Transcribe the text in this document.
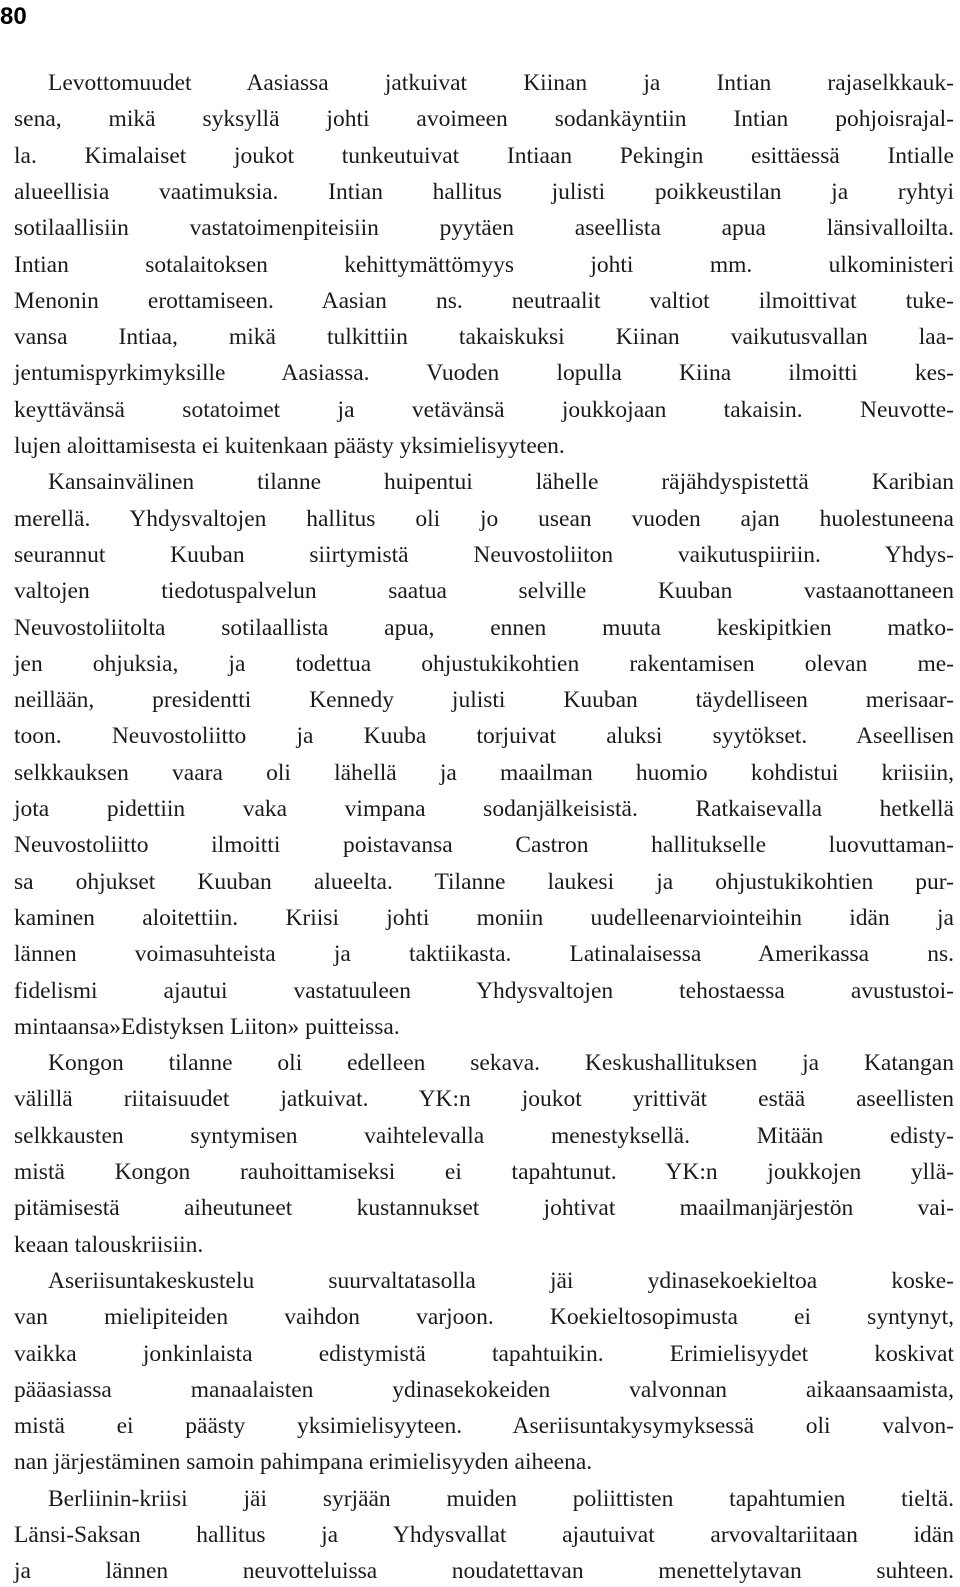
80
Levottomuudet Aasiassa jatkuivat Kiinan ja Intian rajaselkkauk-
sena, mikä syksyllä johti avoimeen sodankäyntiin Intian pohjoisrajal-
la. Kimalaiset joukot tunkeutuivat Intiaan Pekingin esittäessä Intialle
alueellisia vaatimuksia. Intian hallitus julisti poikkeustilan ja ryhtyi
sotilaallisiin vastatoimenpiteisiin pyytäen aseellista apua länsivalloilta.
Intian sotalaitoksen kehittymättömyys johti mm. ulkoministeri
Menonin erottamiseen. Aasian ns. neutraalit valtiot ilmoittivat tuke-
vansa Intiaa, mikä tulkittiin takaiskuksi Kiinan vaikutusvallan laa-
jentumispyrkimyksille Aasiassa. Vuoden lopulla Kiina ilmoitti kes-
keyttävänsä sotatoimet ja vetävänsä joukkojaan takaisin. Neuvotte-
lujen aloittamisesta ei kuitenkaan päästy yksimielisyyteen.
Kansainvälinen tilanne huipentui lähelle räjähdyspistettä Karibian
merellä. Yhdysvaltojen hallitus oli jo usean vuoden ajan huolestuneena
seurannut Kuuban siirtymistä Neuvostoliiton vaikutuspiiriin. Yhdys-
valtojen tiedotuspalvelun saatua selville Kuuban vastaanottaneen
Neuvostoliitolta sotilaallista apua, ennen muuta keskipitkien matko-
jen ohjuksia, ja todettua ohjustukikohtien rakentamisen olevan me-
neillään, presidentti Kennedy julisti Kuuban täydelliseen merisaar-
toon. Neuvostoliitto ja Kuuba torjuivat aluksi syytökset. Aseellisen
selkkauksen vaara oli lähellä ja maailman huomio kohdistui kriisiin,
jota pidettiin vaka vimpana sodanjälkeisistä. Ratkaisevalla hetkellä
Neuvostoliitto ilmoitti poistavansa Castron hallitukselle luovuttaman-
sa ohjukset Kuuban alueelta. Tilanne laukesi ja ohjustukikohtien pur-
kaminen aloitettiin. Kriisi johti moniin uudelleenarviointeihin idän ja
lännen voimasuhteista ja taktiikasta. Latinalaisessa Amerikassa ns.
fidelismi ajautui vastatuuleen Yhdysvaltojen tehostaessa avustustoi-
mintaansa»Edistyksen Liiton» puitteissa.
Kongon tilanne oli edelleen sekava. Keskushallituksen ja Katangan
välillä riitaisuudet jatkuivat. YK:n joukot yrittivät estää aseellisten
selkkausten syntymisen vaihtelevalla menestyksellä. Mitään edisty-
mistä Kongon rauhoittamiseksi ei tapahtunut. YK:n joukkojen yllä-
pitämisestä aiheutuneet kustannukset johtivat maailmanjärjestön vai-
keaan talouskriisiin.
Aseriisuntakeskustelu suurvaltatasolla jäi ydinasekoekieltoa koske-
van mielipiteiden vaihdon varjoon. Koekieltosopimusta ei syntynyt,
vaikka jonkinlaista edistymistä tapahtuikin. Erimielisyydet koskivat
pääasiassa manaalaisten ydinasekokeiden valvonnan aikaansaamista,
mistä ei päästy yksimielisyyteen. Aseriisuntakysymyksessä oli valvon-
nan järjestäminen samoin pahimpana erimielisyyden aiheena.
Berliinin-kriisi jäi syrjään muiden poliittisten tapahtumien tieltä.
Länsi-Saksan hallitus ja Yhdysvallat ajautuivat arvovaltariitaan idän
ja lännen neuvotteluissa noudatettavan menettelytavan suhteen.
